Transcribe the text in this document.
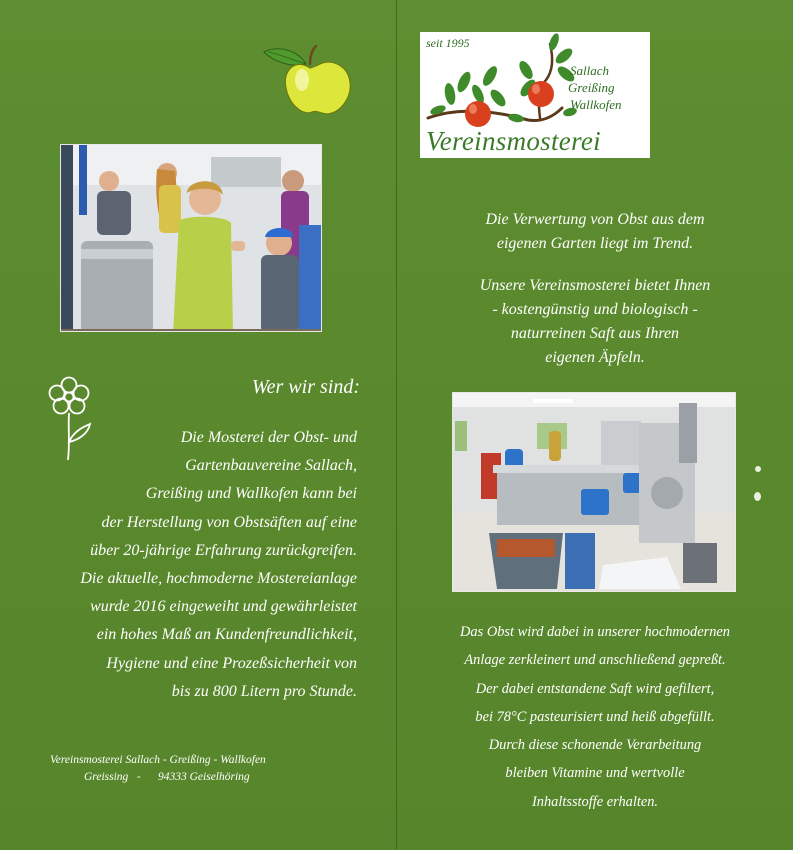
Wer wir sind:
Die Mosterei der Obst- und
Gartenbauvereine Sallach,
Greißing und Wallkofen kann bei
der Herstellung von Obstsäften auf eine
über 20-jährige Erfahrung zurückgreifen.
Die aktuelle, hochmoderne Mostereianlage
wurde 2016 eingeweiht und gewährleistet
ein hohes Maß an Kundenfreundlichkeit,
Hygiene und eine Prozeßsicherheit von
bis zu 800 Litern pro Stunde.
Vereinsmosterei Sallach - Greißing - Wallkofen
Greissing   -      94333 Geiselhöring
seit 1995
Sallach
Greißing
Wallkofen
Vereinsmosterei
Die Verwertung von Obst aus dem
eigenen Garten liegt im Trend.
Unsere Vereinsmosterei bietet Ihnen
- kostengünstig und biologisch -
naturreinen Saft aus Ihren
eigenen Äpfeln.
Das Obst wird dabei in unserer hochmodernen
Anlage zerkleinert und anschließend gepreßt.
Der dabei entstandene Saft wird gefiltert,
bei 78°C pasteurisiert und heiß abgefüllt.
Durch diese schonende Verarbeitung
bleiben Vitamine und wertvolle
Inhaltsstoffe erhalten.
